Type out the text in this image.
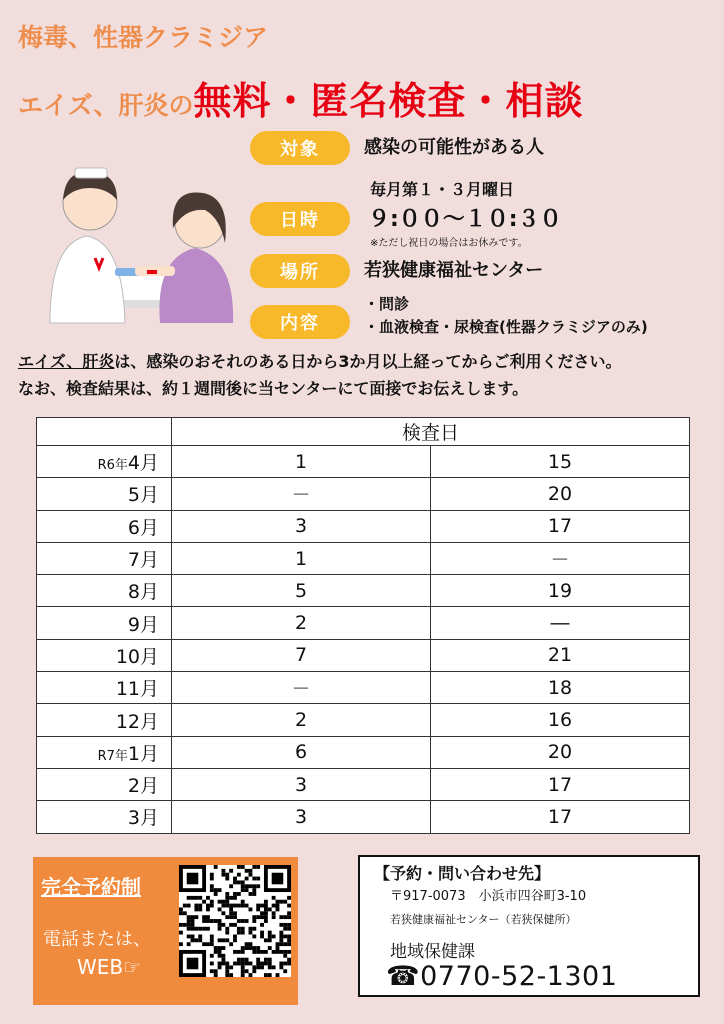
梅毒、性器クラミジア
エイズ、肝炎の無料・匿名検査・相談
対象	感染の可能性がある人
毎月第１・３月曜日
日時	９:００～１０:３０
※ただし祝日の場合はお休みです。
場所	若狭健康福祉センター
内容
・問診
・血液検査・尿検査(性器クラミジアのみ)
エイズ、肝炎は、感染のおそれのある日から3か月以上経ってからご利用ください。
なお、検査結果は、約１週間後に当センターにて面接でお伝えします。
	検査日	
R6年4月	1	15
5月	－	20
6月	3	17
7月	1	－
8月	5	19
9月	2	―
10月	7	21
11月	－	18
12月	2	16
R7年1月	6	20
2月	3	17
3月	3	17
完全予約制
電話または、
WEB☞
【予約・問い合わせ先】
〒917-0073　小浜市四谷町3-10
若狭健康福祉センター（若狭保健所）
地域保健課
☎0770-52-1301
